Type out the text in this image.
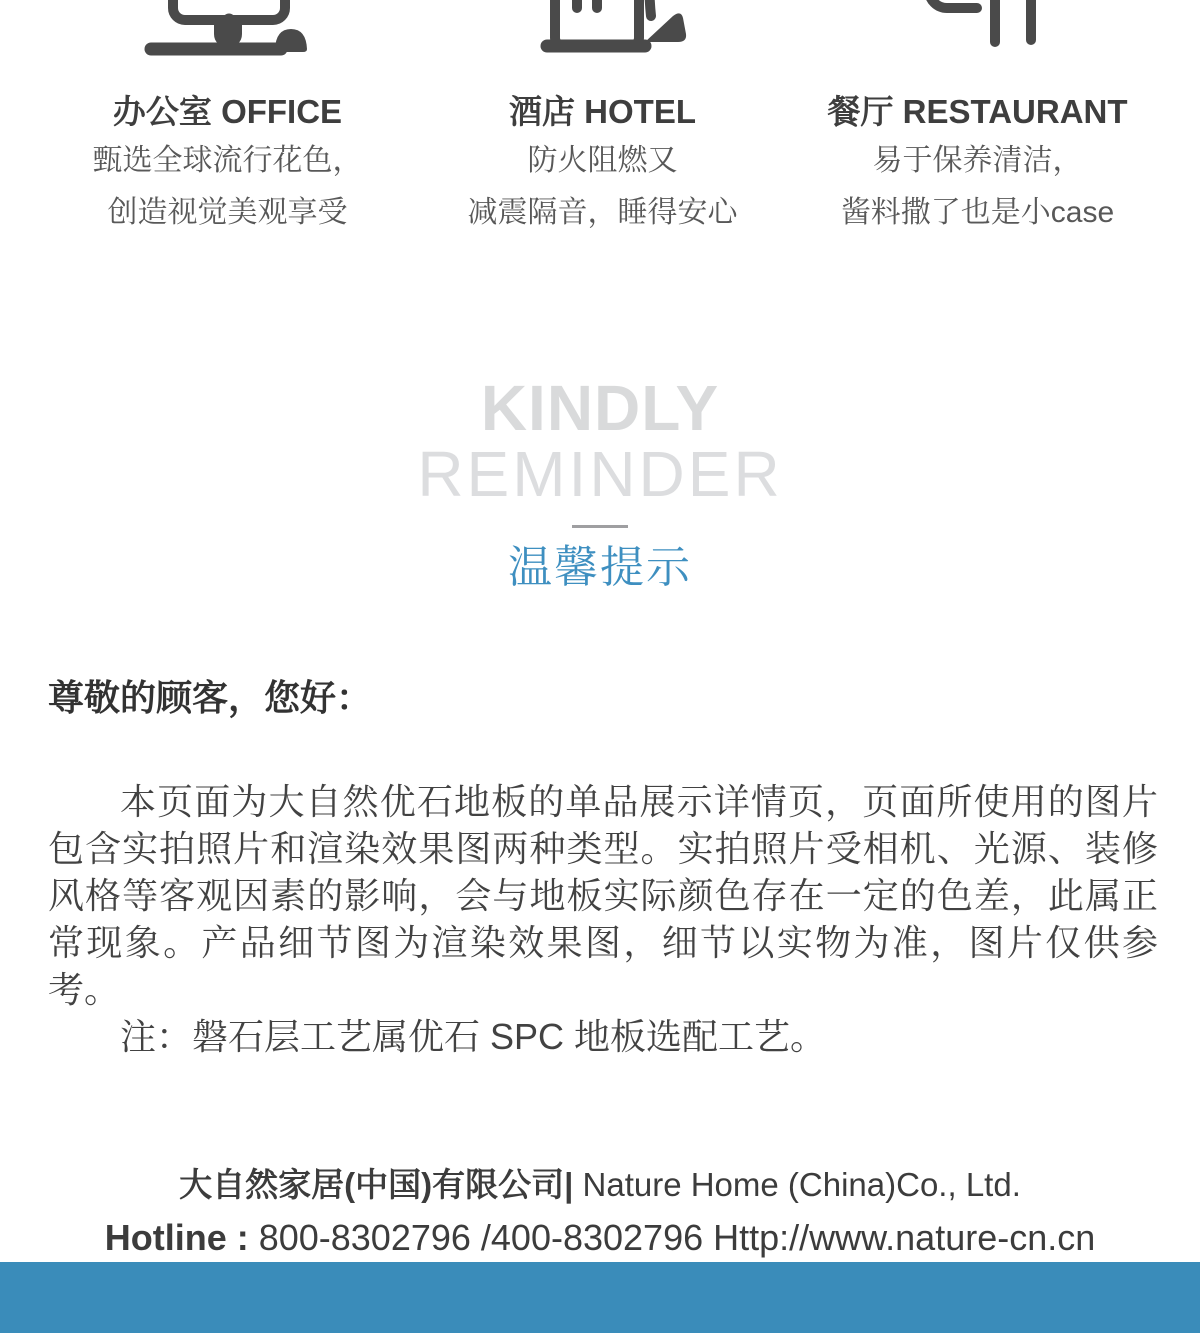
办公室 OFFICE

甄选全球流行花色，

创造视觉美观享受

酒店 HOTEL

防火阻燃又

减震隔音，睡得安心

餐厅 RESTAURANT

易于保养清洁，

酱料撒了也是小case

KINDLY
REMINDER
温馨提示
尊敬的顾客，您好：

本页面为大自然优石地板的单品展示详情页，页面所使用的图片包含实拍照片和渲染效果图两种类型。实拍照片受相机、光源、装修风格等客观因素的影响，会与地板实际颜色存在一定的色差，此属正常现象。产品细节图为渲染效果图，细节以实物为准，图片仅供参考。

注：磐石层工艺属优石 SPC 地板选配工艺。

大自然家居(中国)有限公司| Nature Home (China)Co., Ltd.
Hotline : 800-8302796 /400-8302796 Http://www.nature-cn.cn
